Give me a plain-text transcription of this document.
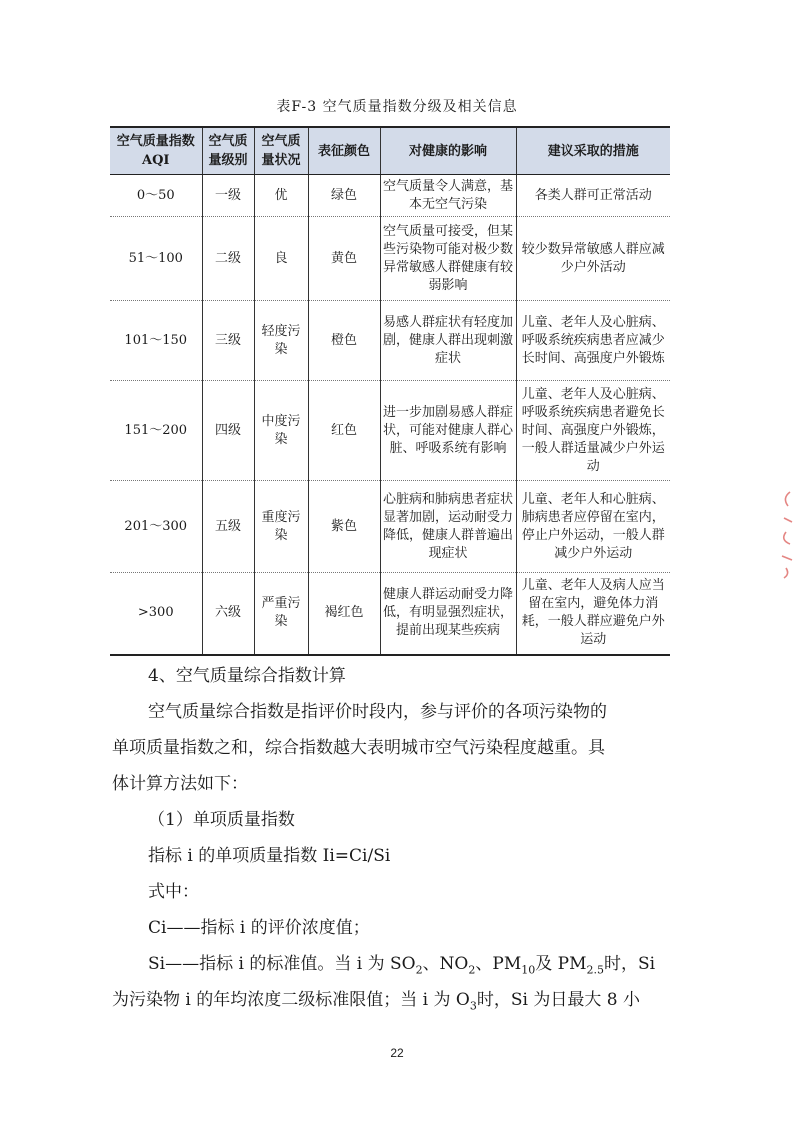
表F-3 空气质量指数分级及相关信息
空气质量指数AQI	空气质量级别	空气质量状况	表征颜色	对健康的影响	建议采取的措施
0～50	一级	优	绿色	空气质量令人满意，基本无空气污染	各类人群可正常活动
51～100	二级	良	黄色	空气质量可接受，但某些污染物可能对极少数异常敏感人群健康有较弱影响	较少数异常敏感人群应减少户外活动
101～150	三级	轻度污染	橙色	易感人群症状有轻度加剧，健康人群出现刺激症状	儿童、老年人及心脏病、呼吸系统疾病患者应减少长时间、高强度户外锻炼
151～200	四级	中度污染	红色	进一步加剧易感人群症状，可能对健康人群心脏、呼吸系统有影响	儿童、老年人及心脏病、呼吸系统疾病患者避免长时间、高强度户外锻炼，一般人群适量减少户外运动
201～300	五级	重度污染	紫色	心脏病和肺病患者症状显著加剧，运动耐受力降低，健康人群普遍出现症状	儿童、老年人和心脏病、肺病患者应停留在室内，停止户外运动，一般人群减少户外运动
>300	六级	严重污染	褐红色	健康人群运动耐受力降低，有明显强烈症状，提前出现某些疾病	儿童、老年人及病人应当留在室内，避免体力消耗，一般人群应避免户外运动
4、空气质量综合指数计算
空气质量综合指数是指评价时段内，参与评价的各项污染物的
单项质量指数之和，综合指数越大表明城市空气污染程度越重。具
体计算方法如下：
（1）单项质量指数
指标 i 的单项质量指数 Ii=Ci/Si
式中：
Ci——指标 i 的评价浓度值；
Si——指标 i 的标准值。当 i 为 $SO_2$、$NO_2$、$PM_{10}$及 $PM_{2.5}$时，Si
为污染物 i 的年均浓度二级标准限值；当 i 为 $O_3$时，Si 为日最大 8 小
22
